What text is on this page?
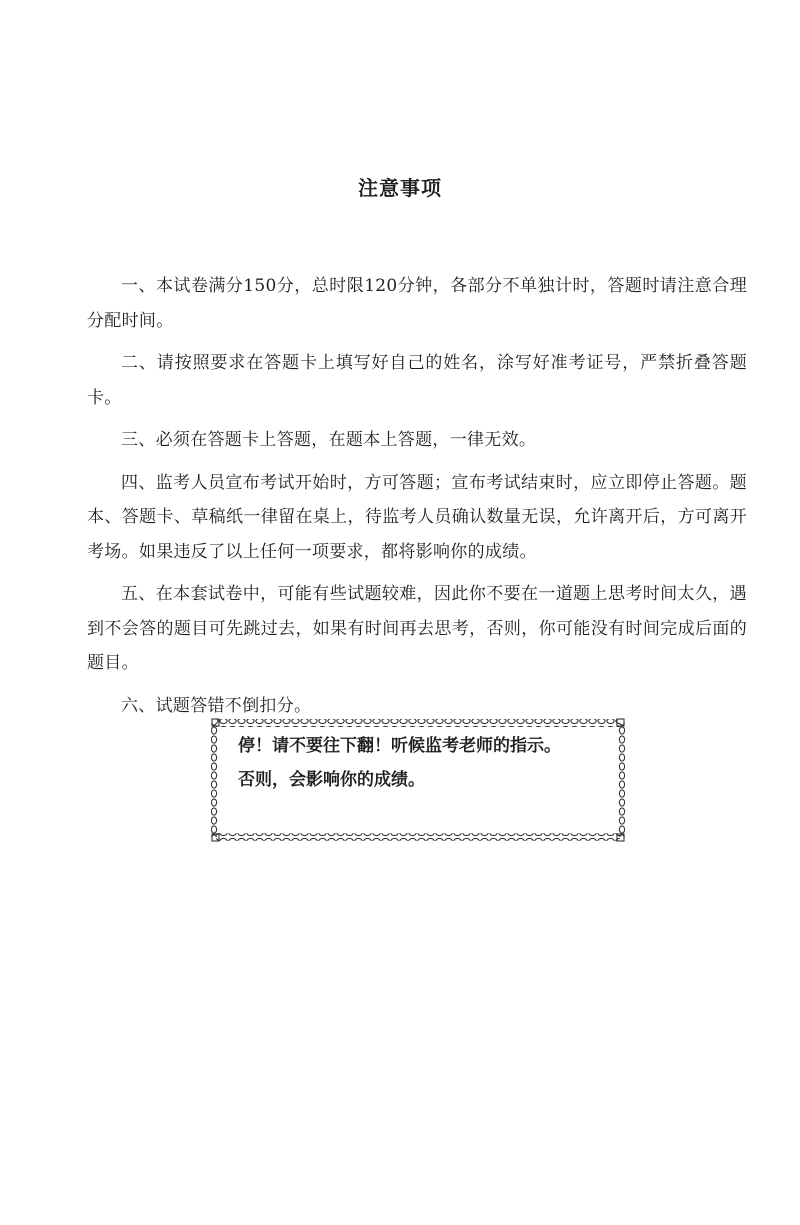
注意事项

一、本试卷满分150分，总时限120分钟，各部分不单独计时，答题时请注意合理分配时间。

二、请按照要求在答题卡上填写好自己的姓名，涂写好准考证号，严禁折叠答题卡。

三、必须在答题卡上答题，在题本上答题，一律无效。

四、监考人员宣布考试开始时，方可答题；宣布考试结束时，应立即停止答题。题本、答题卡、草稿纸一律留在桌上，待监考人员确认数量无误，允许离开后，方可离开考场。如果违反了以上任何一项要求，都将影响你的成绩。

五、在本套试卷中，可能有些试题较难，因此你不要在一道题上思考时间太久，遇到不会答的题目可先跳过去，如果有时间再去思考，否则，你可能没有时间完成后面的题目。

六、试题答错不倒扣分。

停！请不要往下翻！听候监考老师的指示。
否则，会影响你的成绩。
